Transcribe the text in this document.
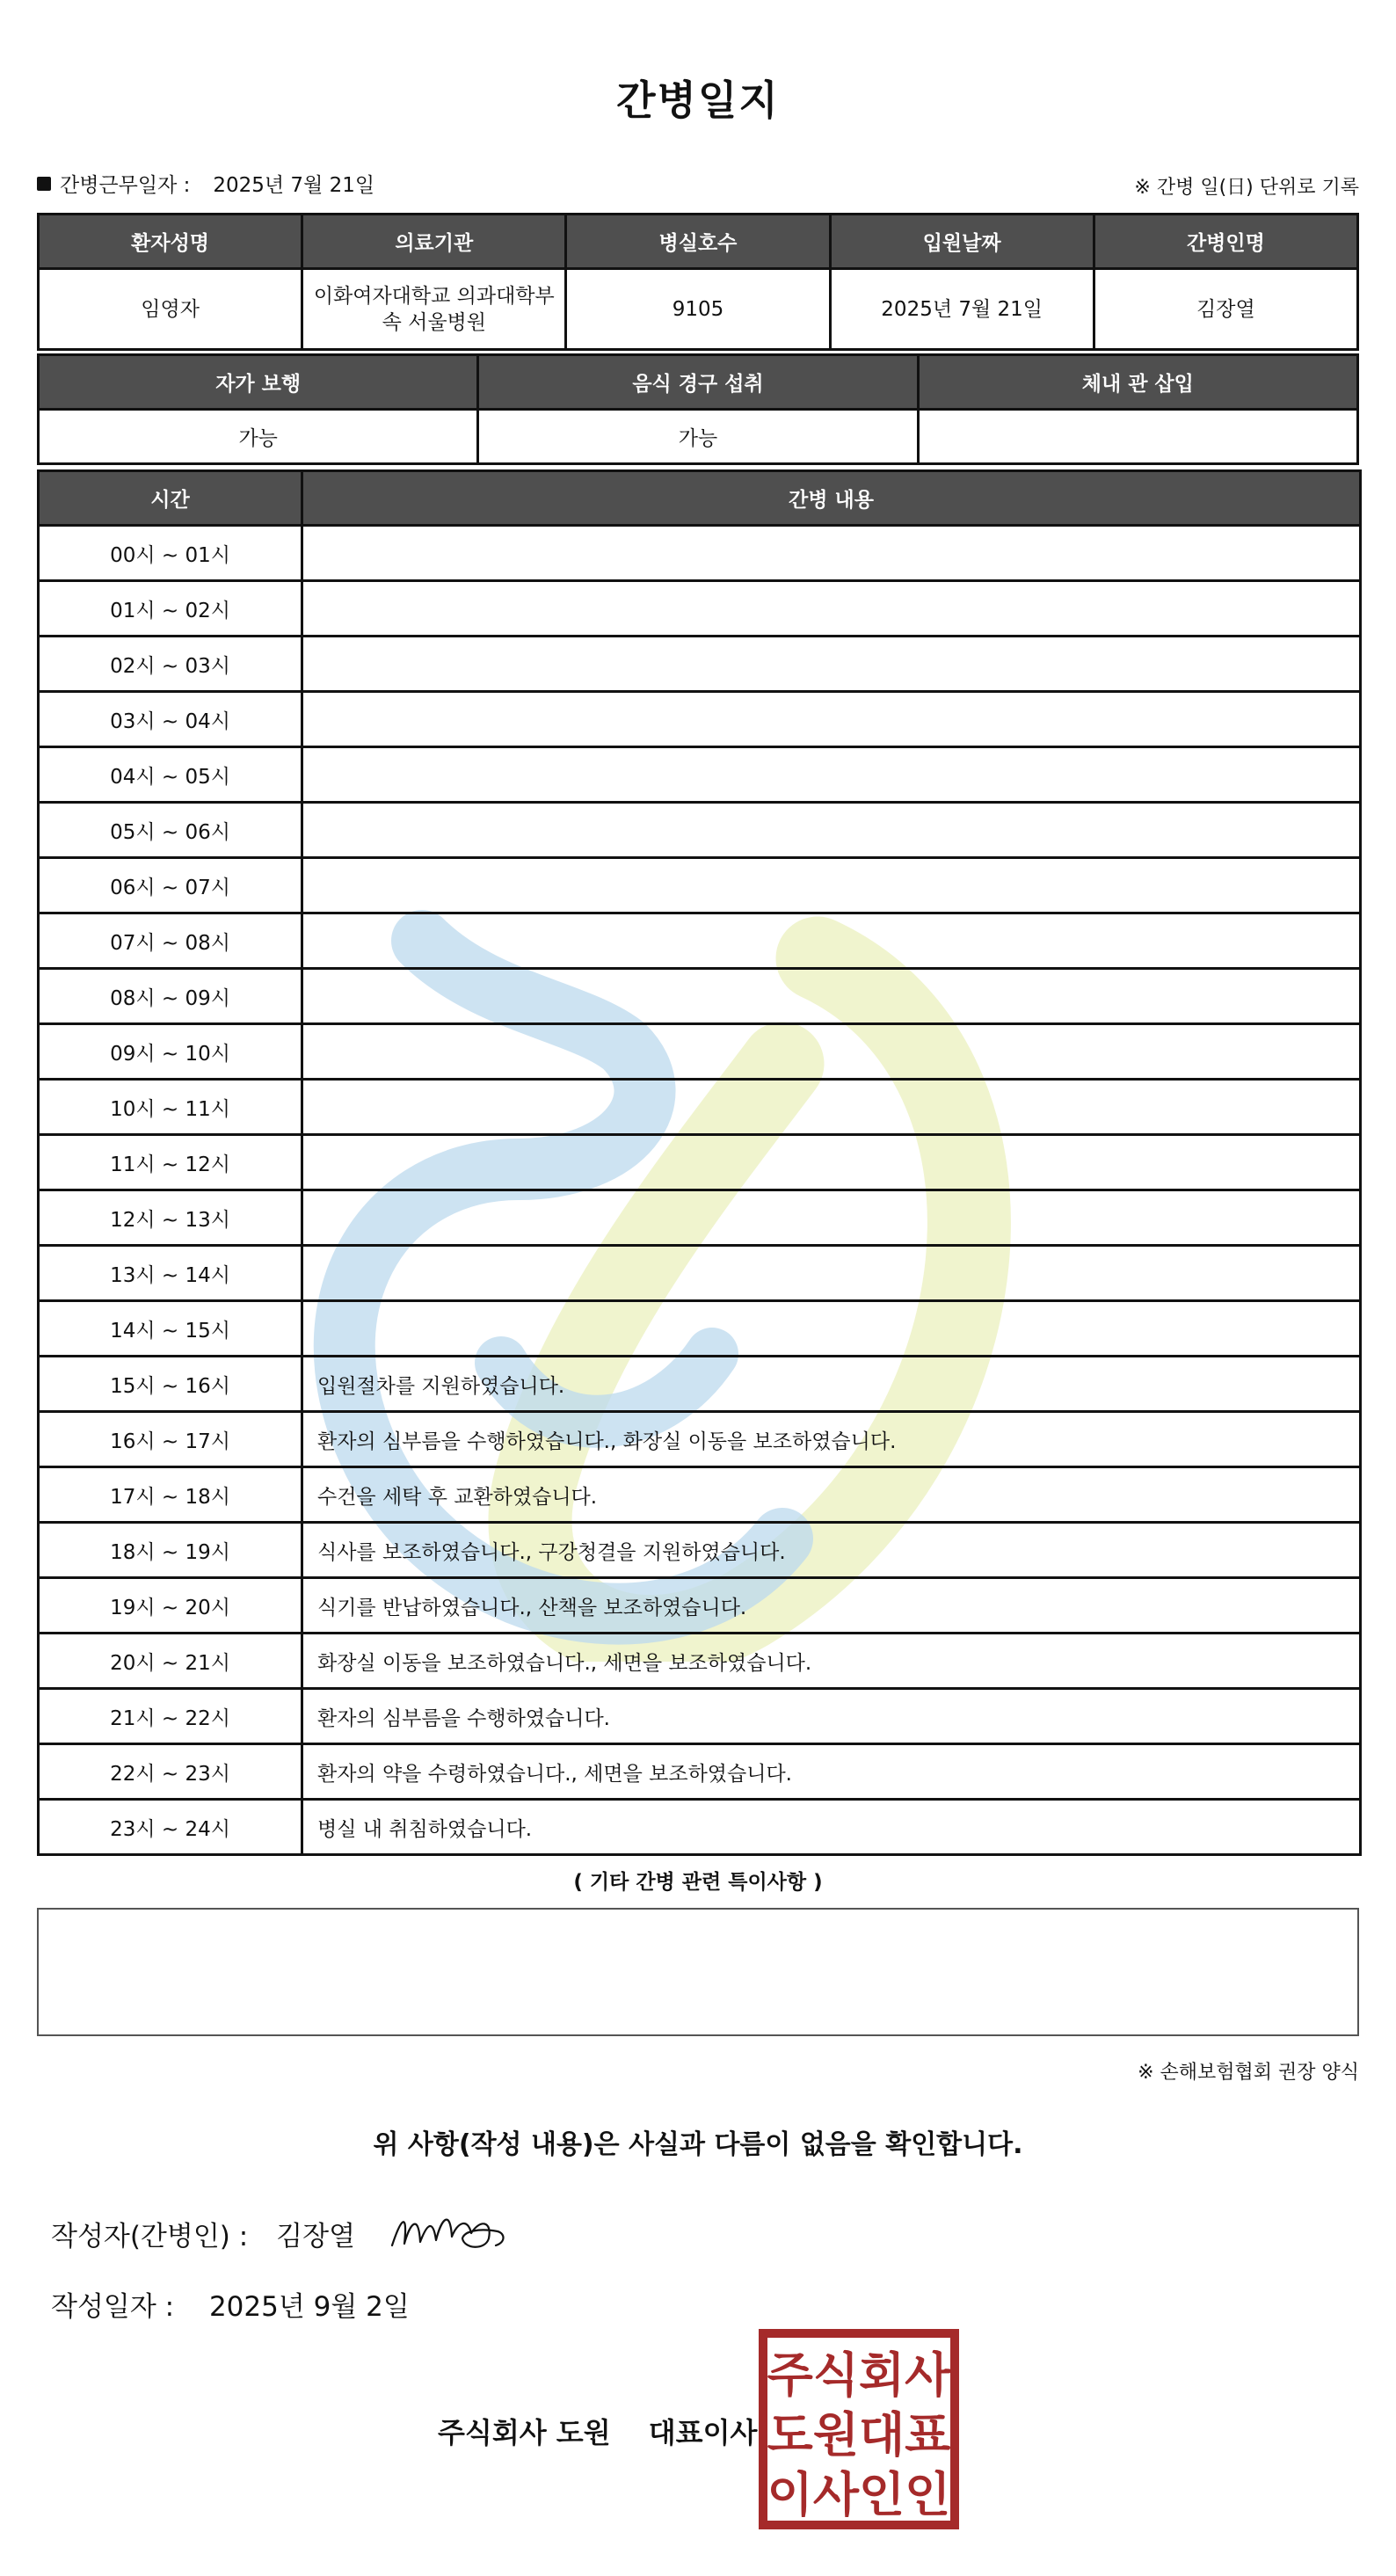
간병일지
간병근무일자 : 2025년 7월 21일	※ 간병 일(日) 단위로 기록
환자성명	의료기관	병실호수	입원날짜	간병인명
임영자	이화여자대학교 의과대학부속 서울병원	9105	2025년 7월 21일	김장열
자가 보행	음식 경구 섭취	체내 관 삽입
가능	가능	
시간	간병 내용
00시 ~ 01시	
01시 ~ 02시	
02시 ~ 03시	
03시 ~ 04시	
04시 ~ 05시	
05시 ~ 06시	
06시 ~ 07시	
07시 ~ 08시	
08시 ~ 09시	
09시 ~ 10시	
10시 ~ 11시	
11시 ~ 12시	
12시 ~ 13시	
13시 ~ 14시	
14시 ~ 15시	
15시 ~ 16시	입원절차를 지원하였습니다.
16시 ~ 17시	환자의 심부름을 수행하였습니다., 화장실 이동을 보조하였습니다.
17시 ~ 18시	수건을 세탁 후 교환하였습니다.
18시 ~ 19시	식사를 보조하였습니다., 구강청결을 지원하였습니다.
19시 ~ 20시	식기를 반납하였습니다., 산책을 보조하였습니다.
20시 ~ 21시	화장실 이동을 보조하였습니다., 세면을 보조하였습니다.
21시 ~ 22시	환자의 심부름을 수행하였습니다.
22시 ~ 23시	환자의 약을 수령하였습니다., 세면을 보조하였습니다.
23시 ~ 24시	병실 내 취침하였습니다.
( 기타 간병 관련 특이사항 )
※ 손해보험협회 권장 양식
위 사항(작성 내용)은 사실과 다름이 없음을 확인합니다.
작성자(간병인) : 김장열
작성일자 : 2025년 9월 2일
주식회사 도원 대표이사
주식회사
도원대표
이사인인
